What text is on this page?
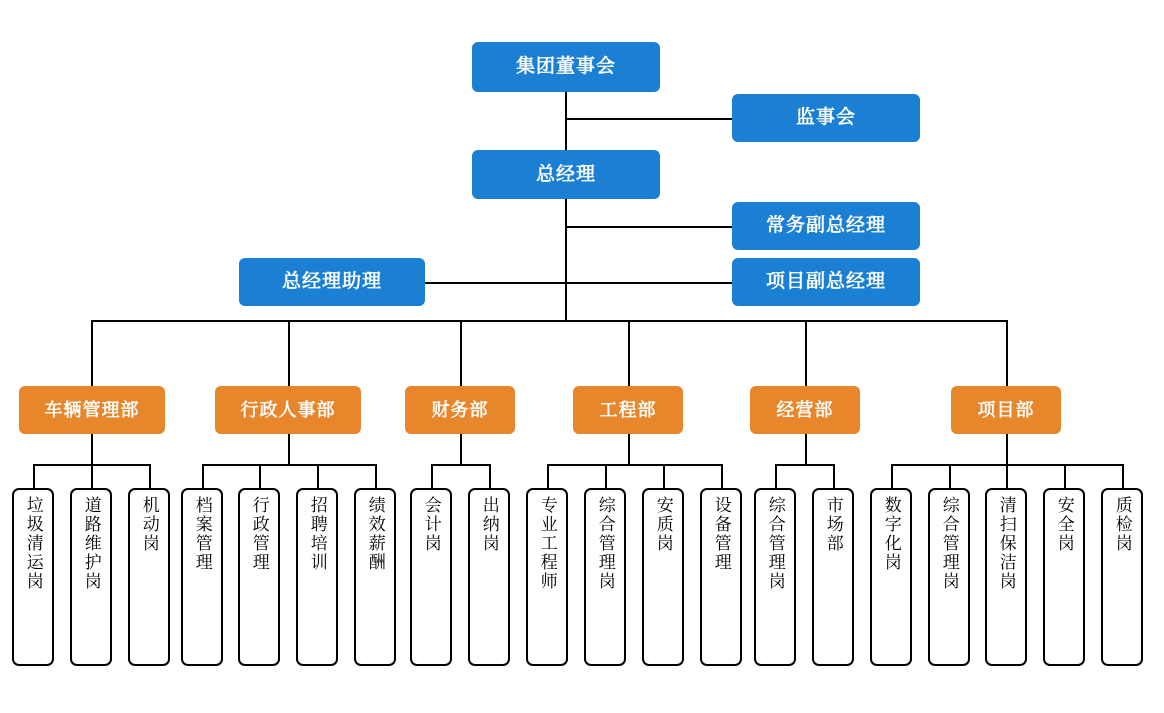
集团董事会
监事会
总经理
常务副总经理
总经理助理	项目副总经理
车辆管理部	行政人事部	财务部	工程部	经营部	项目部
垃圾清运岗	道路维护岗	机动岗	档案管理	行政管理	招聘培训	绩效薪酬	会计岗	出纳岗	专业工程师	综合管理岗	安质岗	设备管理	综合管理岗	市场部	数字化岗	综合管理岗	清扫保洁岗	安全岗	质检岗
